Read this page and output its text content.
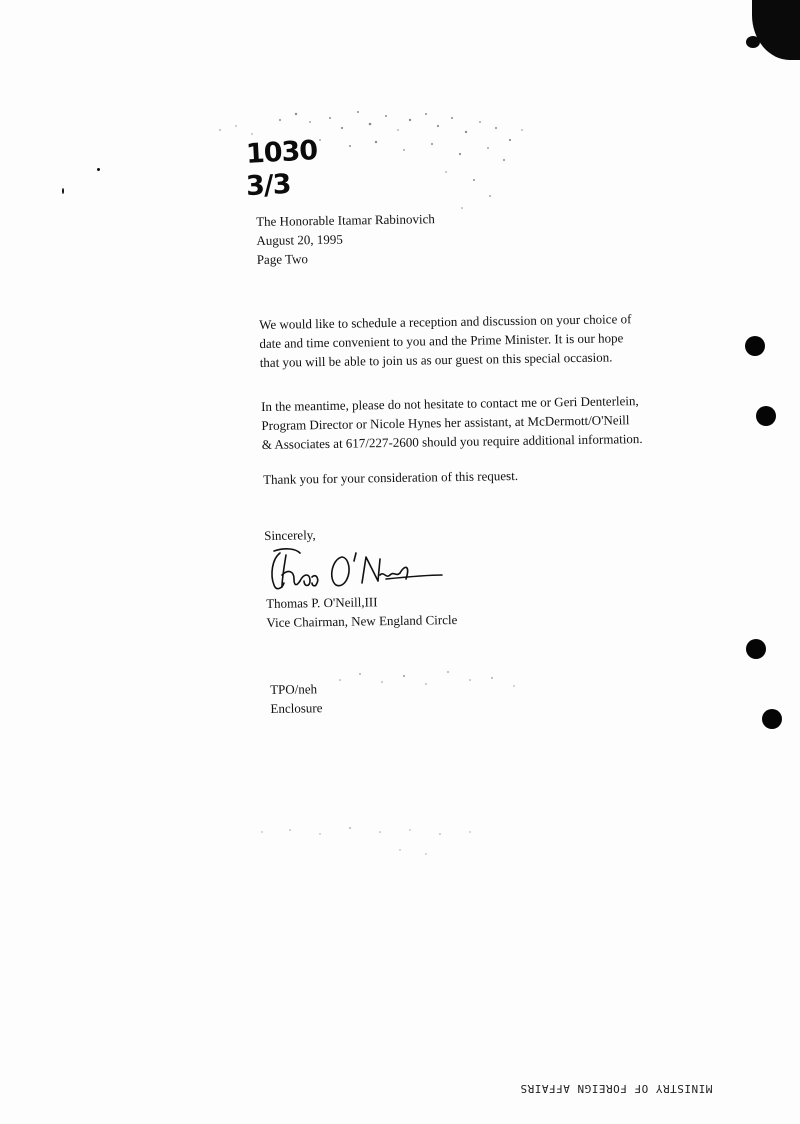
1030
3/3
The Honorable Itamar Rabinovich
August 20, 1995
Page Two
We would like to schedule a reception and discussion on your choice of
date and time convenient to you and the Prime Minister. It is our hope
that you will be able to join us as our guest on this special occasion.
In the meantime, please do not hesitate to contact me or Geri Denterlein,
Program Director or Nicole Hynes her assistant, at McDermott/O'Neill
& Associates at 617/227-2600 should you require additional information.
Thank you for your consideration of this request.
Sincerely,
Thomas P. O'Neill,III
Vice Chairman, New England Circle
TPO/neh
Enclosure
MINISTRY OF FOREIGN AFFAIRS
